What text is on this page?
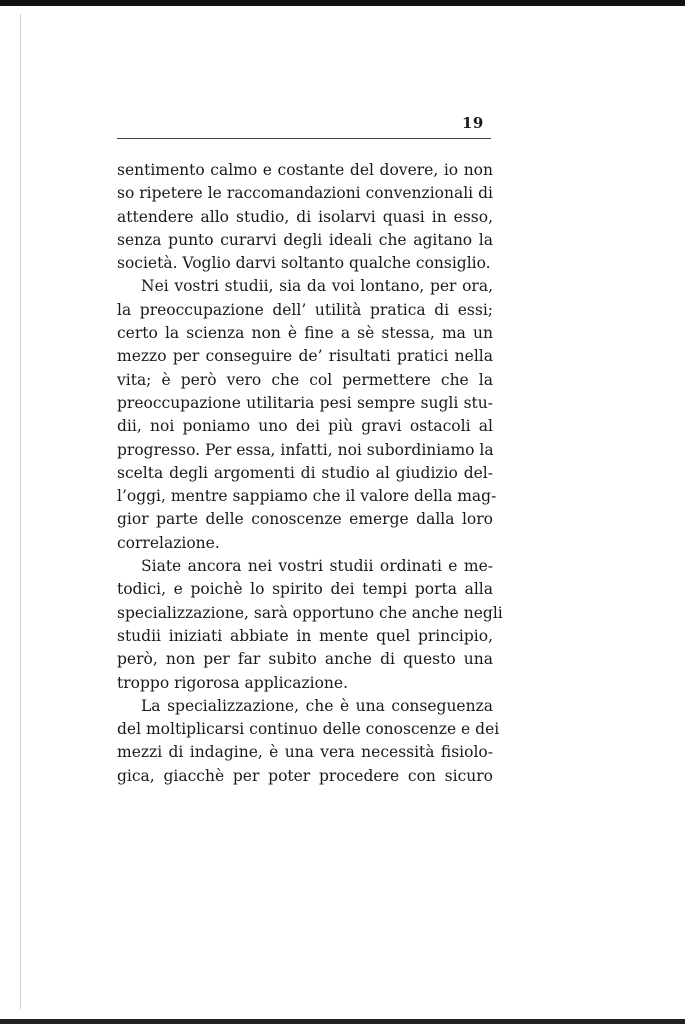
19
sentimento calmo e costante del dovere, io non
so ripetere le raccomandazioni convenzionali di
attendere allo studio, di isolarvi quasi in esso,
senza punto curarvi degli ideali che agitano la
società. Voglio darvi soltanto qualche consiglio.
Nei vostri studii, sia da voi lontano, per ora,
la preoccupazione dell’ utilità pratica di essi;
certo la scienza non è fine a sè stessa, ma un
mezzo per conseguire de’ risultati pratici nella
vita; è però vero che col permettere che la
preoccupazione utilitaria pesi sempre sugli stu-
dii, noi poniamo uno dei più gravi ostacoli al
progresso. Per essa, infatti, noi subordiniamo la
scelta degli argomenti di studio al giudizio del-
l’oggi, mentre sappiamo che il valore della mag-
gior parte delle conoscenze emerge dalla loro
correlazione.
Siate ancora nei vostri studii ordinati e me-
todici, e poichè lo spirito dei tempi porta alla
specializzazione, sarà opportuno che anche negli
studii iniziati abbiate in mente quel principio,
però, non per far subito anche di questo una
troppo rigorosa applicazione.
La specializzazione, che è una conseguenza
del moltiplicarsi continuo delle conoscenze e dei
mezzi di indagine, è una vera necessità fisiolo-
gica, giacchè per poter procedere con sicuro
